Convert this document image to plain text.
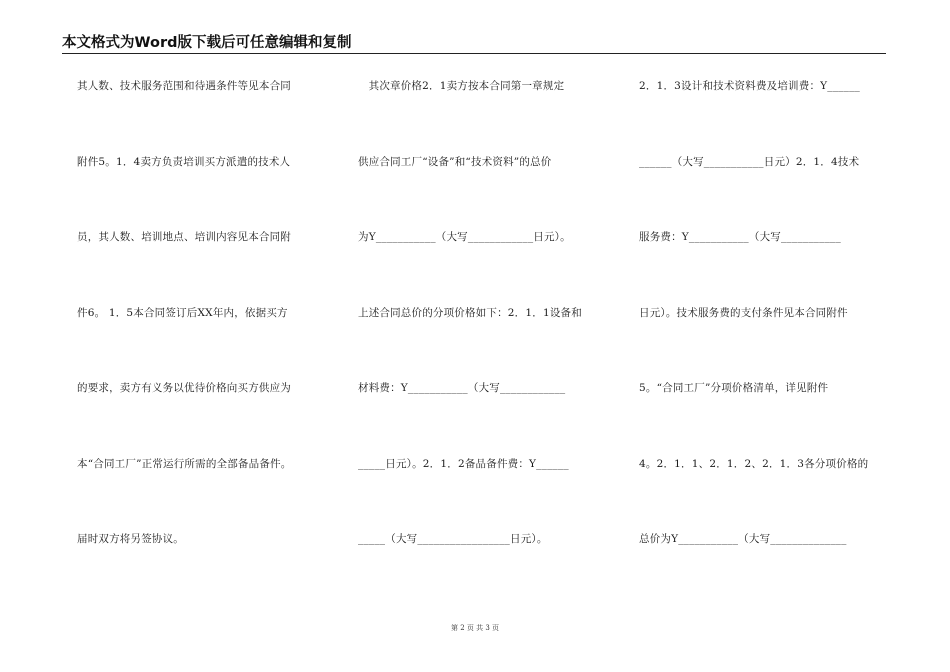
本文格式为Word版下载后可任意编辑和复制
其人数、技术服务范围和待遇条件等见本合同
附件5。1．4卖方负责培训买方派遣的技术人
员，其人数、培训地点、培训内容见本合同附
件6。 1．5本合同签订后XX年内，依据买方
的要求，卖方有义务以优待价格向买方供应为
本“合同工厂”正常运行所需的全部备品备件。
届时双方将另签协议。
其次章价格2．1卖方按本合同第一章规定
供应合同工厂“设备”和“技术资料”的总价
为Y___________（大写____________日元）。
上述合同总价的分项价格如下：2．1．1设备和
材料费：Y___________（大写____________
_____日元）。2．1．2备品备件费：Y______
_____（大写_________________日元）。
2．1．3设计和技术资料费及培训费：Y______
______（大写___________日元）2．1．4技术
服务费：Y___________（大写___________
日元）。技术服务费的支付条件见本合同附件
5。“合同工厂”分项价格清单，详见附件
4。2．1．1、2．1．2、2．1．3各分项价格的
总价为Y___________（大写______________
第 2 页 共 3 页
